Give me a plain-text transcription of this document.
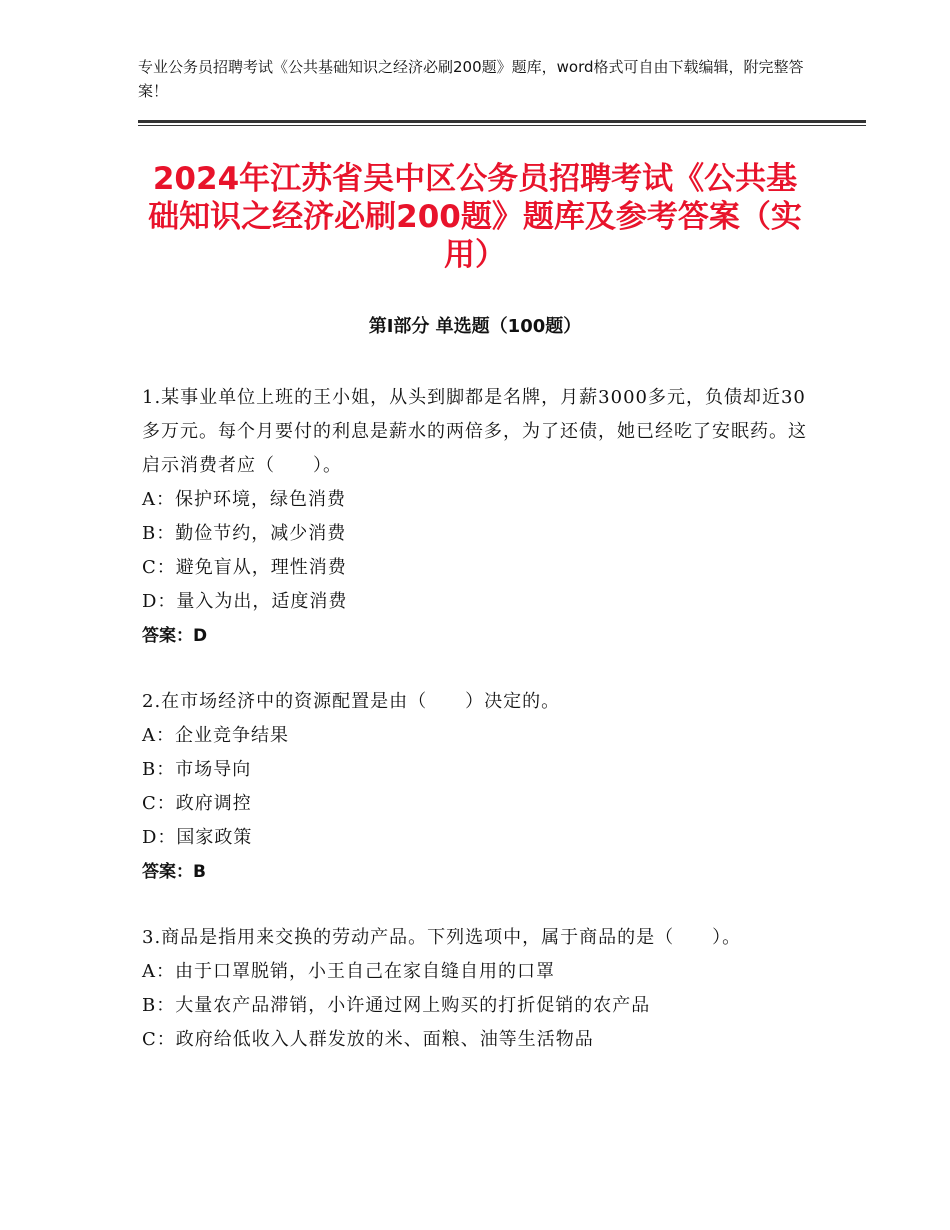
专业公务员招聘考试《公共基础知识之经济必刷200题》题库，word格式可自由下载编辑，附完整答案！

2024年江苏省吴中区公务员招聘考试《公共基础知识之经济必刷200题》题库及参考答案（实用）
第Ⅰ部分 单选题（100题）

1.某事业单位上班的王小姐，从头到脚都是名牌，月薪3000多元，负债却近30多万元。每个月要付的利息是薪水的两倍多，为了还债，她已经吃了安眠药。这启示消费者应（　　）。

A：保护环境，绿色消费

B：勤俭节约，减少消费

C：避免盲从，理性消费

D：量入为出，适度消费

答案：D

2.在市场经济中的资源配置是由（　　）决定的。

A：企业竞争结果

B：市场导向

C：政府调控

D：国家政策

答案：B

3.商品是指用来交换的劳动产品。下列选项中，属于商品的是（　　）。

A：由于口罩脱销，小王自己在家自缝自用的口罩

B：大量农产品滞销，小许通过网上购买的打折促销的农产品

C：政府给低收入人群发放的米、面粮、油等生活物品
